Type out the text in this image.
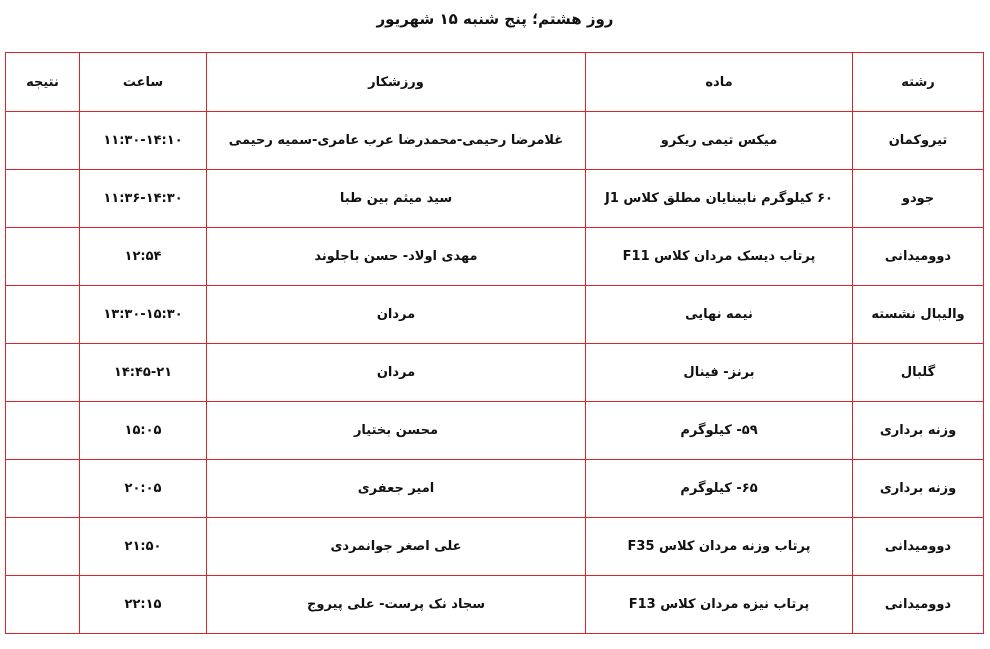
روز هشتم؛ پنج شنبه ۱۵ شهریور
رشته	ماده	ورزشکار	ساعت	نتیجه
تیروکمان	میکس تیمی ریکرو	غلامرضا رحیمی-محمدرضا عرب عامری-سمیه رحیمی	۱۱:۳۰-۱۴:۱۰	
جودو	۶۰ کیلوگرم نابینایان مطلق کلاس J1	سید میثم بین طبا	۱۱:۳۶-۱۴:۳۰	
دوومیدانی	پرتاب دیسک مردان کلاس F11	مهدی اولاد- حسن باجلوند	۱۲:۵۴	
والیبال نشسته	نیمه نهایی	مردان	۱۳:۳۰-۱۵:۳۰	
گلبال	برنز- فینال	مردان	۱۴:۴۵-۲۱	
وزنه برداری	۵۹- کیلوگرم	محسن بختیار	۱۵:۰۵	
وزنه برداری	۶۵- کیلوگرم	امیر جعفری	۲۰:۰۵	
دوومیدانی	پرتاب وزنه مردان کلاس F35	علی اصغر جوانمردی	۲۱:۵۰	
دوومیدانی	پرتاب نیزه مردان کلاس F13	سجاد نک پرست- علی پیروج	۲۲:۱۵	
